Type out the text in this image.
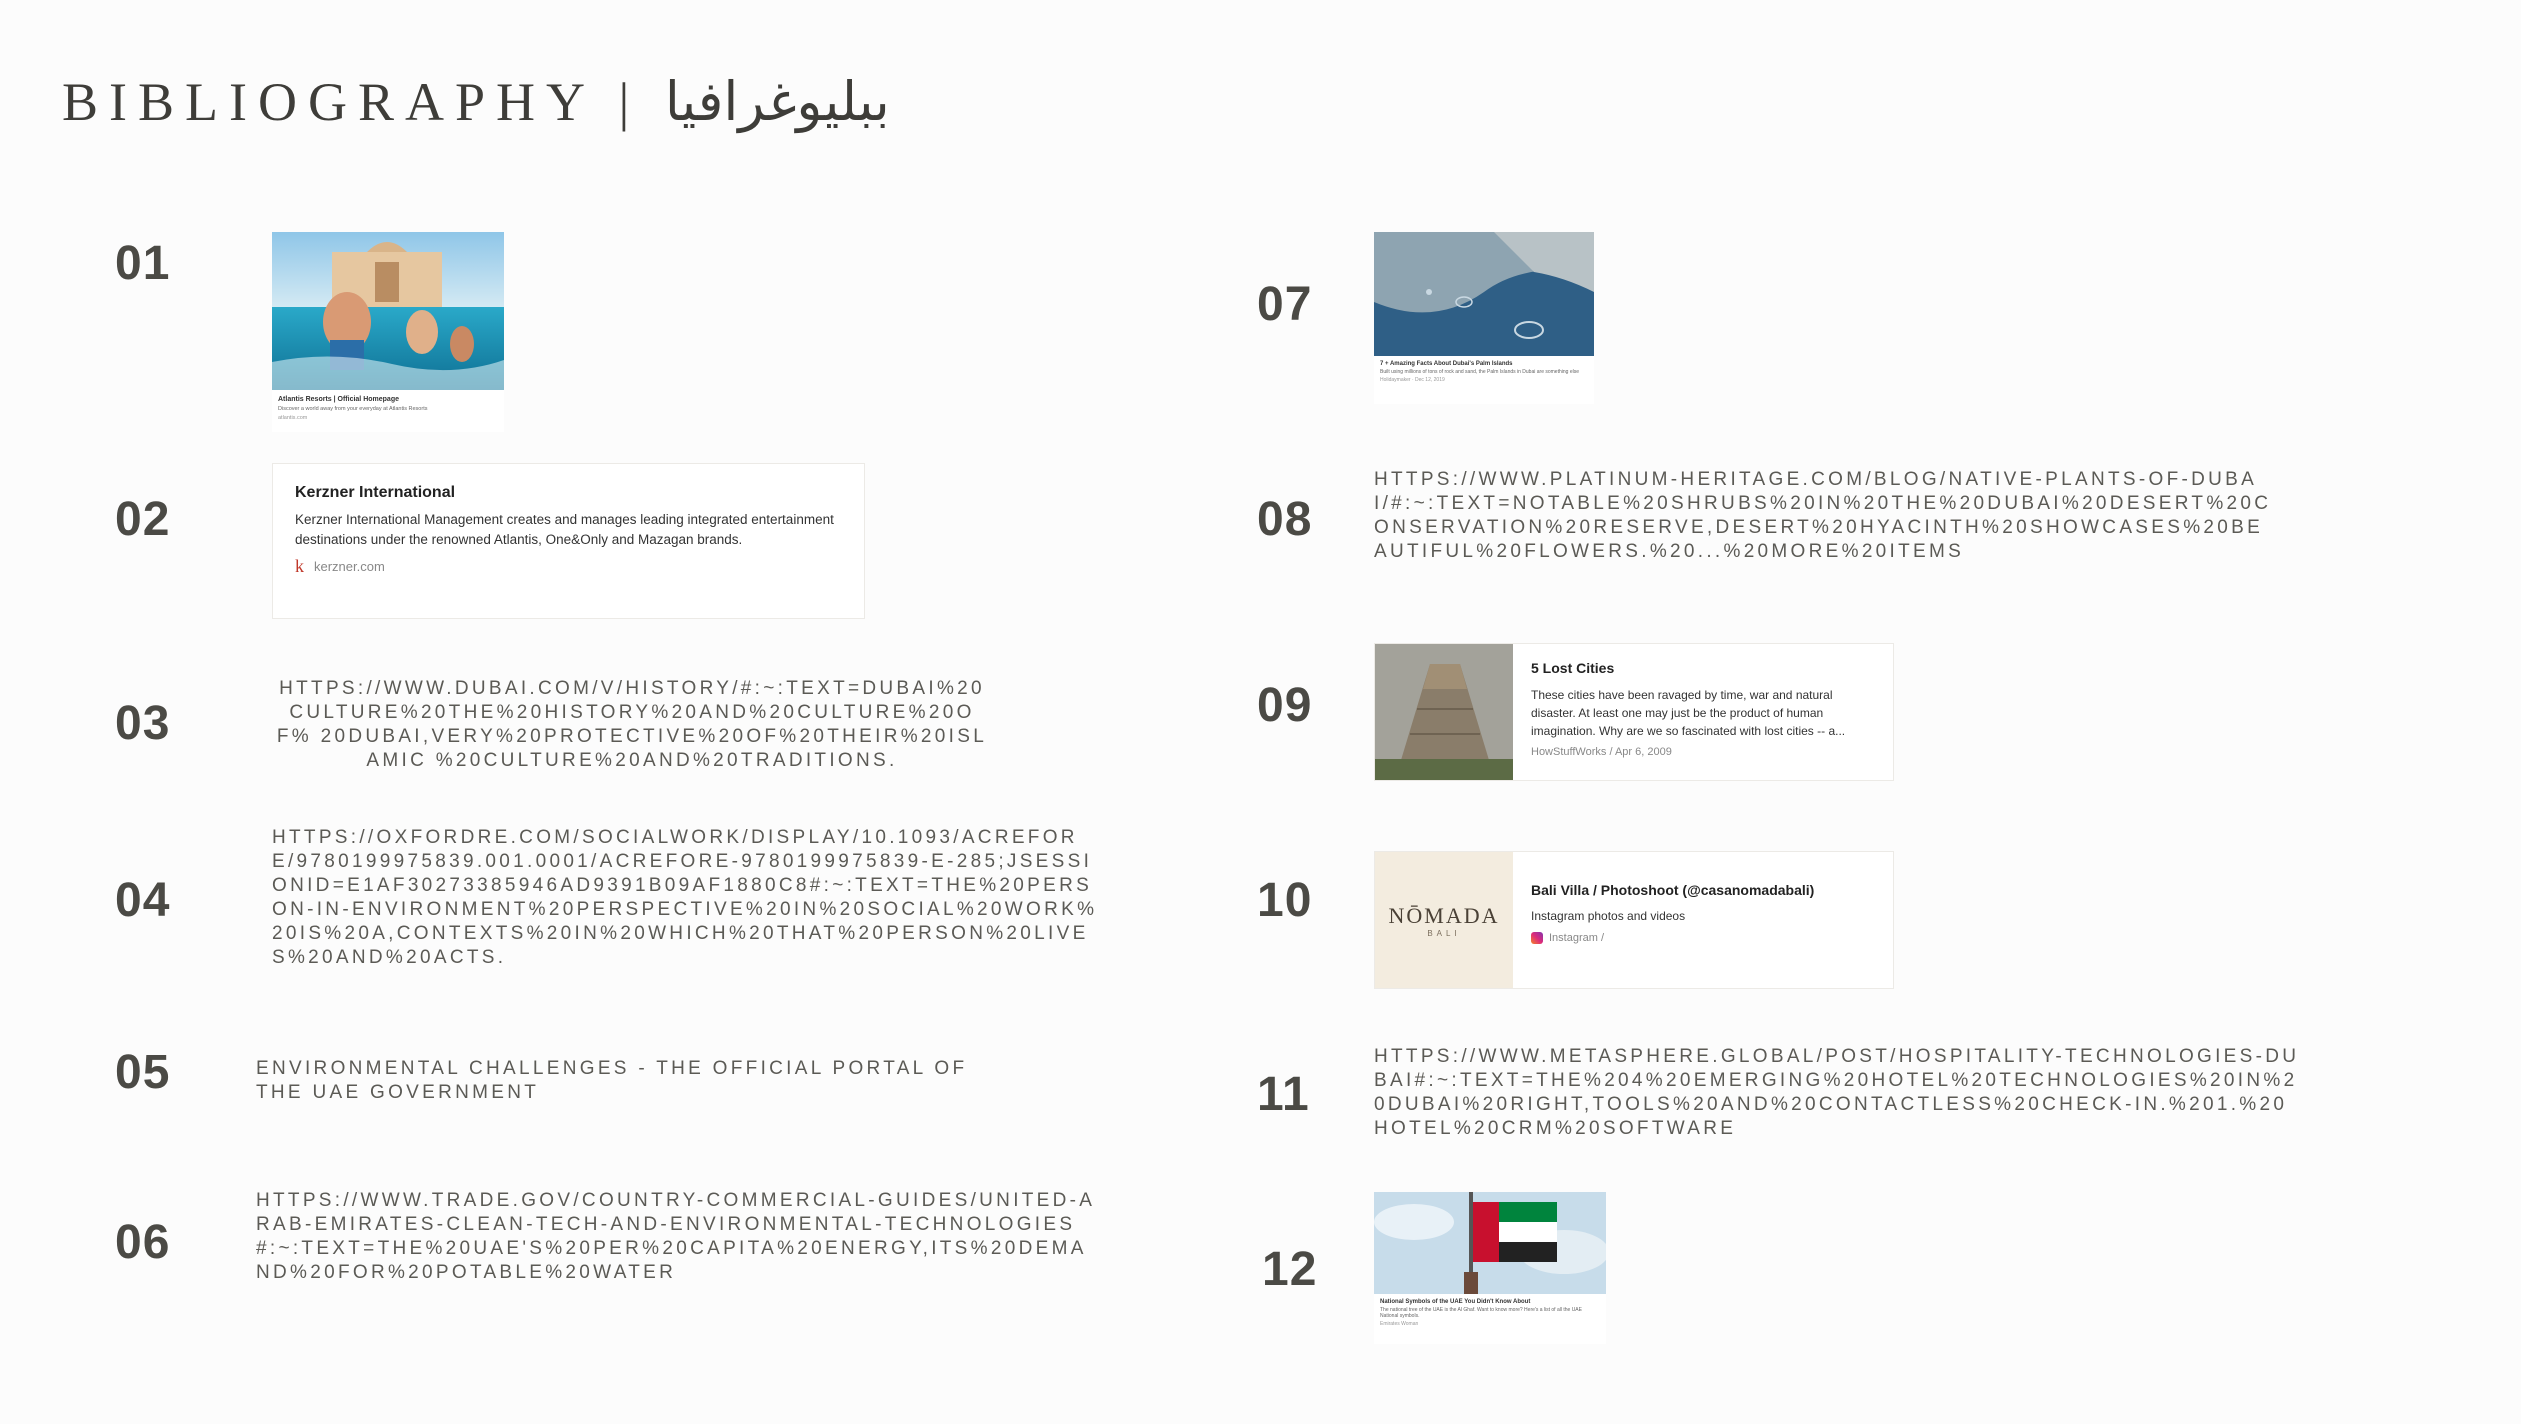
BIBLIOGRAPHY | ببليوغرافيا
01
Atlantis Resorts | Official Homepage
Discover a world away from your everyday at Atlantis Resorts
atlantis.com
02
Kerzner International
Kerzner International Management creates and manages leading integrated entertainment destinations under the renowned Atlantis, One&Only and Mazagan brands.
k kerzner.com
03
HTTPS://WWW.DUBAI.COM/V/HISTORY/#:~:TEXT=DUBAI%20 CULTURE%20THE%20HISTORY%20AND%20CULTURE%20OF% 20DUBAI,VERY%20PROTECTIVE%20OF%20THEIR%20ISLAMIC %20CULTURE%20AND%20TRADITIONS.
04
HTTPS://OXFORDRE.COM/SOCIALWORK/DISPLAY/10.1093/ACREFORE/9780199975839.001.0001/ACREFORE-9780199975839-E-285;JSESSIONID=E1AF30273385946AD9391B09AF1880C8#:~:TEXT=THE%20PERSON-IN-ENVIRONMENT%20PERSPECTIVE%20IN%20SOCIAL%20WORK%20IS%20A,CONTEXTS%20IN%20WHICH%20THAT%20PERSON%20LIVES%20AND%20ACTS.
05	ENVIRONMENTAL CHALLENGES - THE OFFICIAL PORTAL OF THE UAE GOVERNMENT
06
HTTPS://WWW.TRADE.GOV/COUNTRY-COMMERCIAL-GUIDES/UNITED-ARAB-EMIRATES-CLEAN-TECH-AND-ENVIRONMENTAL-TECHNOLOGIES#:~:TEXT=THE%20UAE'S%20PER%20CAPITA%20ENERGY,ITS%20DEMAND%20FOR%20POTABLE%20WATER
07
7 + Amazing Facts About Dubai's Palm Islands
Built using millions of tons of rock and sand, the Palm Islands in Dubai are something else
Holidaymaker · Dec 12, 2019
08
HTTPS://WWW.PLATINUM-HERITAGE.COM/BLOG/NATIVE-PLANTS-OF-DUBAI/#:~:TEXT=NOTABLE%20SHRUBS%20IN%20THE%20DUBAI%20DESERT%20CONSERVATION%20RESERVE,DESERT%20HYACINTH%20SHOWCASES%20BEAUTIFUL%20FLOWERS.%20...%20MORE%20ITEMS
09
5 Lost Cities
These cities have been ravaged by time, war and natural disaster. At least one may just be the product of human imagination. Why are we so fascinated with lost cities -- a...
HowStuffWorks / Apr 6, 2009
10	NŌMADA
BALI
Bali Villa / Photoshoot (@casanomadabali)
Instagram photos and videos
Instagram /
11
HTTPS://WWW.METASPHERE.GLOBAL/POST/HOSPITALITY-TECHNOLOGIES-DUBAI#:~:TEXT=THE%204%20EMERGING%20HOTEL%20TECHNOLOGIES%20IN%20DUBAI%20RIGHT,TOOLS%20AND%20CONTACTLESS%20CHECK-IN.%201.%20HOTEL%20CRM%20SOFTWARE
12
National Symbols of the UAE You Didn't Know About
The national tree of the UAE is the Al Ghaf. Want to know more? Here's a list of all the UAE National symbols.
Emirates Woman
